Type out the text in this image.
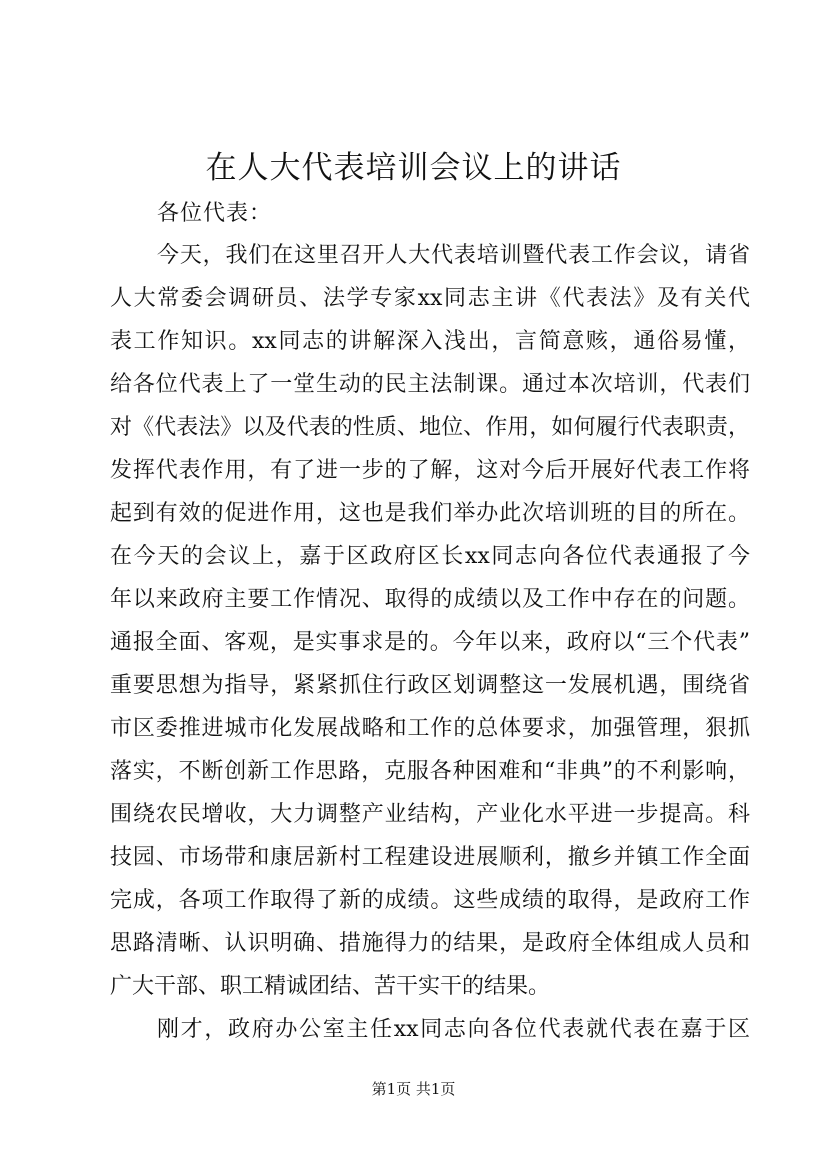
在人大代表培训会议上的讲话
各位代表：
今天，我们在这里召开人大代表培训暨代表工作会议，请省
人大常委会调研员、法学专家xx同志主讲《代表法》及有关代
表工作知识。xx同志的讲解深入浅出，言简意赅，通俗易懂，
给各位代表上了一堂生动的民主法制课。通过本次培训，代表们
对《代表法》以及代表的性质、地位、作用，如何履行代表职责，
发挥代表作用，有了进一步的了解，这对今后开展好代表工作将
起到有效的促进作用，这也是我们举办此次培训班的目的所在。
在今天的会议上，嘉于区政府区长xx同志向各位代表通报了今
年以来政府主要工作情况、取得的成绩以及工作中存在的问题。
通报全面、客观，是实事求是的。今年以来，政府以“三个代表”
重要思想为指导，紧紧抓住行政区划调整这一发展机遇，围绕省
市区委推进城市化发展战略和工作的总体要求，加强管理，狠抓
落实，不断创新工作思路，克服各种困难和“非典”的不利影响，
围绕农民增收，大力调整产业结构，产业化水平进一步提高。科
技园、市场带和康居新村工程建设进展顺利，撤乡并镇工作全面
完成，各项工作取得了新的成绩。这些成绩的取得，是政府工作
思路清晰、认识明确、措施得力的结果，是政府全体组成人员和
广大干部、职工精诚团结、苦干实干的结果。
刚才，政府办公室主任xx同志向各位代表就代表在嘉于区
第1页 共1页
